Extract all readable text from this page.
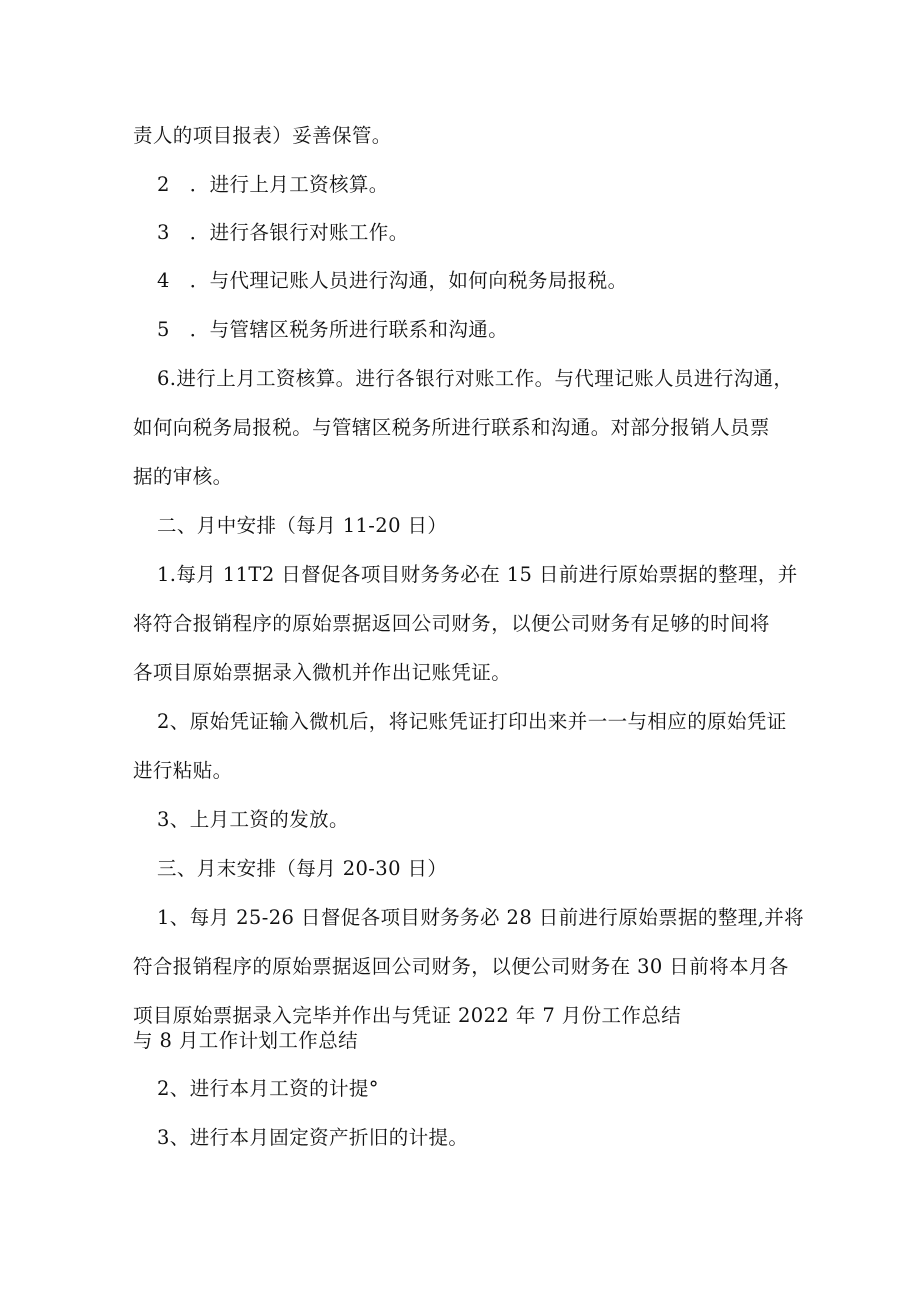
责人的项目报表）妥善保管。
2　．进行上月工资核算。
3　．进行各银行对账工作。
4　．与代理记账人员进行沟通，如何向税务局报税。
5　．与管辖区税务所进行联系和沟通。
6.进行上月工资核算。进行各银行对账工作。与代理记账人员进行沟通，
如何向税务局报税。与管辖区税务所进行联系和沟通。对部分报销人员票
据的审核。
二、月中安排（每月 11-20 日）
1.每月 11T2 日督促各项目财务务必在 15 日前进行原始票据的整理，并
将符合报销程序的原始票据返回公司财务，以便公司财务有足够的时间将
各项目原始票据录入微机并作出记账凭证。
2、原始凭证输入微机后，将记账凭证打印出来并一一与相应的原始凭证
进行粘贴。
3、上月工资的发放。
三、月末安排（每月 20-30 日）
1、每月 25-26 日督促各项目财务务必 28 日前进行原始票据的整理,并将
符合报销程序的原始票据返回公司财务，以便公司财务在 30 日前将本月各
项目原始票据录入完毕并作出与凭证 2022 年 7 月份工作总结
与 8 月工作计划工作总结
2、进行本月工资的计提°
3、进行本月固定资产折旧的计提。
